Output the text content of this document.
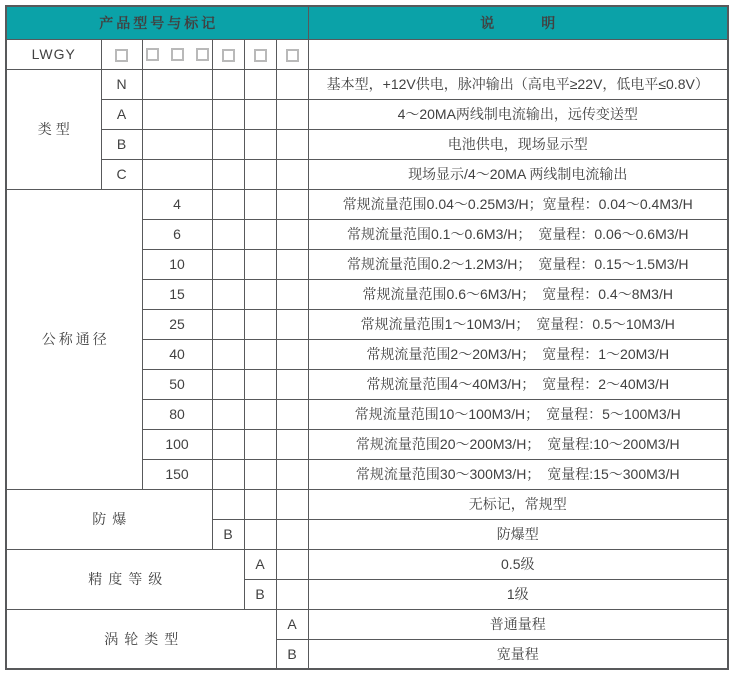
产品型号与标记						说明
LWGY		

类型	N					基本型，+12V供电，脉冲输出（高电平≥22V，低电平≤0.8V）
	A					4～20MA两线制电流输出，远传变送型
	B					电池供电，现场显示型
	C					现场显示/4～20MA 两线制电流输出
公称通径		4				常规流量范围0.04～0.25M3/H；宽量程：0.04～0.4M3/H
		6				常规流量范围0.1～0.6M3/H；　宽量程：0.06～0.6M3/H
		10				常规流量范围0.2～1.2M3/H；　宽量程：0.15～1.5M3/H
		15				常规流量范围0.6～6M3/H；　宽量程：0.4～8M3/H
		25				常规流量范围1～10M3/H；　宽量程：0.5～10M3/H
		40				常规流量范围2～20M3/H；　宽量程：1～20M3/H
		50				常规流量范围4～40M3/H；　宽量程：2～40M3/H
		80				常规流量范围10～100M3/H；　宽量程：5～100M3/H
		100				常规流量范围20～200M3/H；　宽量程:10～200M3/H
		150				常规流量范围30～300M3/H；　宽量程:15～300M3/H
防爆						无标记，常规型
			B			防爆型
精度等级				A		0.5级
				B		1级
涡轮类型					A	普通量程
					B	宽量程
